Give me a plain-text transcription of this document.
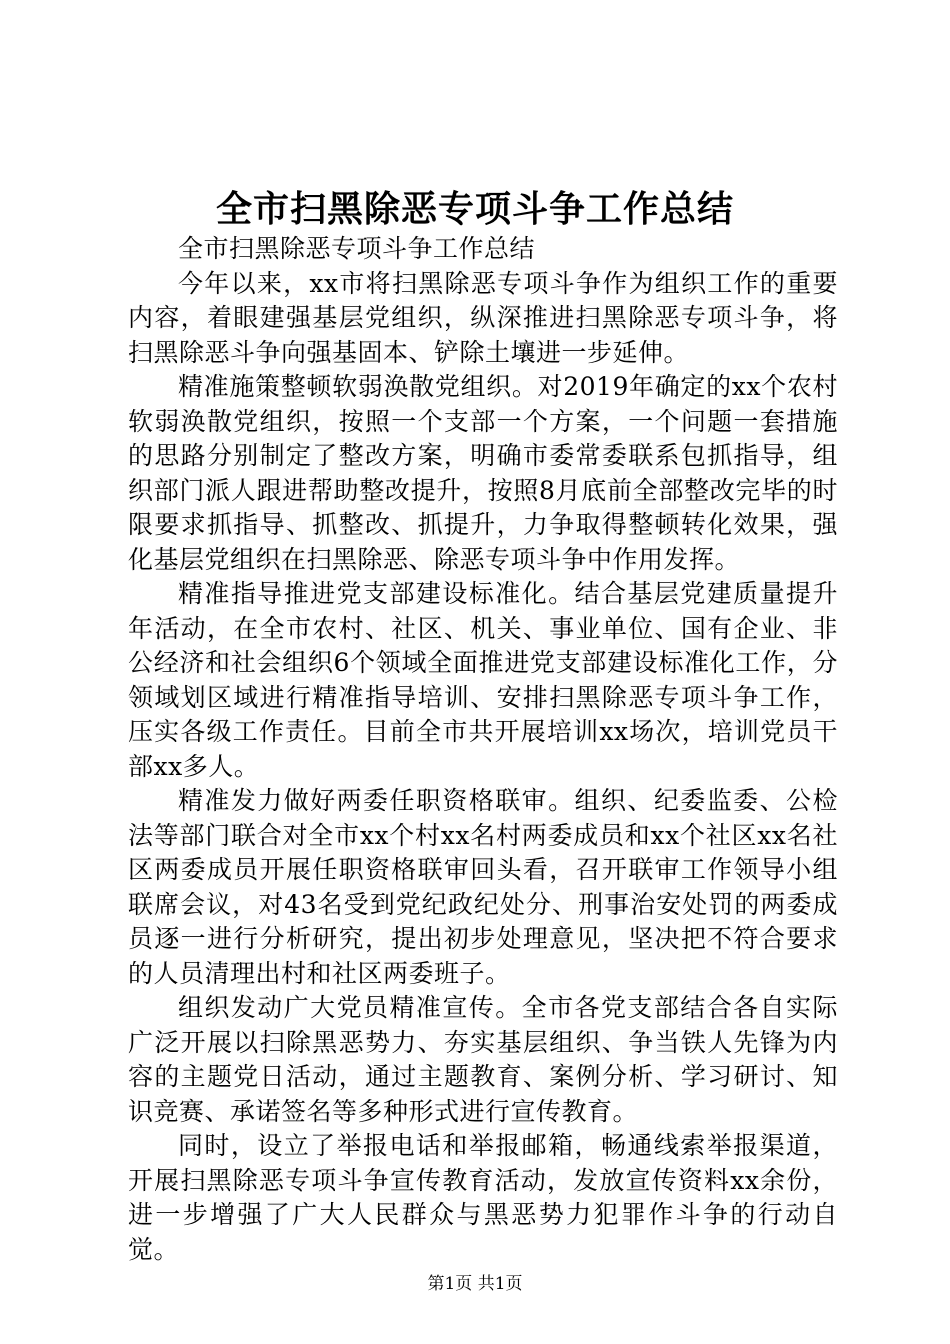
全市扫黑除恶专项斗争工作总结

全市扫黑除恶专项斗争工作总结

今年以来，xx市将扫黑除恶专项斗争作为组织工作的重要内容，着眼建强基层党组织，纵深推进扫黑除恶专项斗争，将扫黑除恶斗争向强基固本、铲除土壤进一步延伸。

精准施策整顿软弱涣散党组织。对2019年确定的xx个农村软弱涣散党组织，按照一个支部一个方案，一个问题一套措施的思路分别制定了整改方案，明确市委常委联系包抓指导，组织部门派人跟进帮助整改提升，按照8月底前全部整改完毕的时限要求抓指导、抓整改、抓提升，力争取得整顿转化效果，强化基层党组织在扫黑除恶、除恶专项斗争中作用发挥。

精准指导推进党支部建设标准化。结合基层党建质量提升年活动，在全市农村、社区、机关、事业单位、国有企业、非公经济和社会组织6个领域全面推进党支部建设标准化工作，分领域划区域进行精准指导培训、安排扫黑除恶专项斗争工作，压实各级工作责任。目前全市共开展培训xx场次，培训党员干部xx多人。

精准发力做好两委任职资格联审。组织、纪委监委、公检法等部门联合对全市xx个村xx名村两委成员和xx个社区xx名社区两委成员开展任职资格联审回头看，召开联审工作领导小组联席会议，对43名受到党纪政纪处分、刑事治安处罚的两委成员逐一进行分析研究，提出初步处理意见，坚决把不符合要求的人员清理出村和社区两委班子。

组织发动广大党员精准宣传。全市各党支部结合各自实际广泛开展以扫除黑恶势力、夯实基层组织、争当铁人先锋为内容的主题党日活动，通过主题教育、案例分析、学习研讨、知识竞赛、承诺签名等多种形式进行宣传教育。

同时，设立了举报电话和举报邮箱，畅通线索举报渠道，开展扫黑除恶专项斗争宣传教育活动，发放宣传资料xx余份，进一步增强了广大人民群众与黑恶势力犯罪作斗争的行动自觉。

第1页 共1页
